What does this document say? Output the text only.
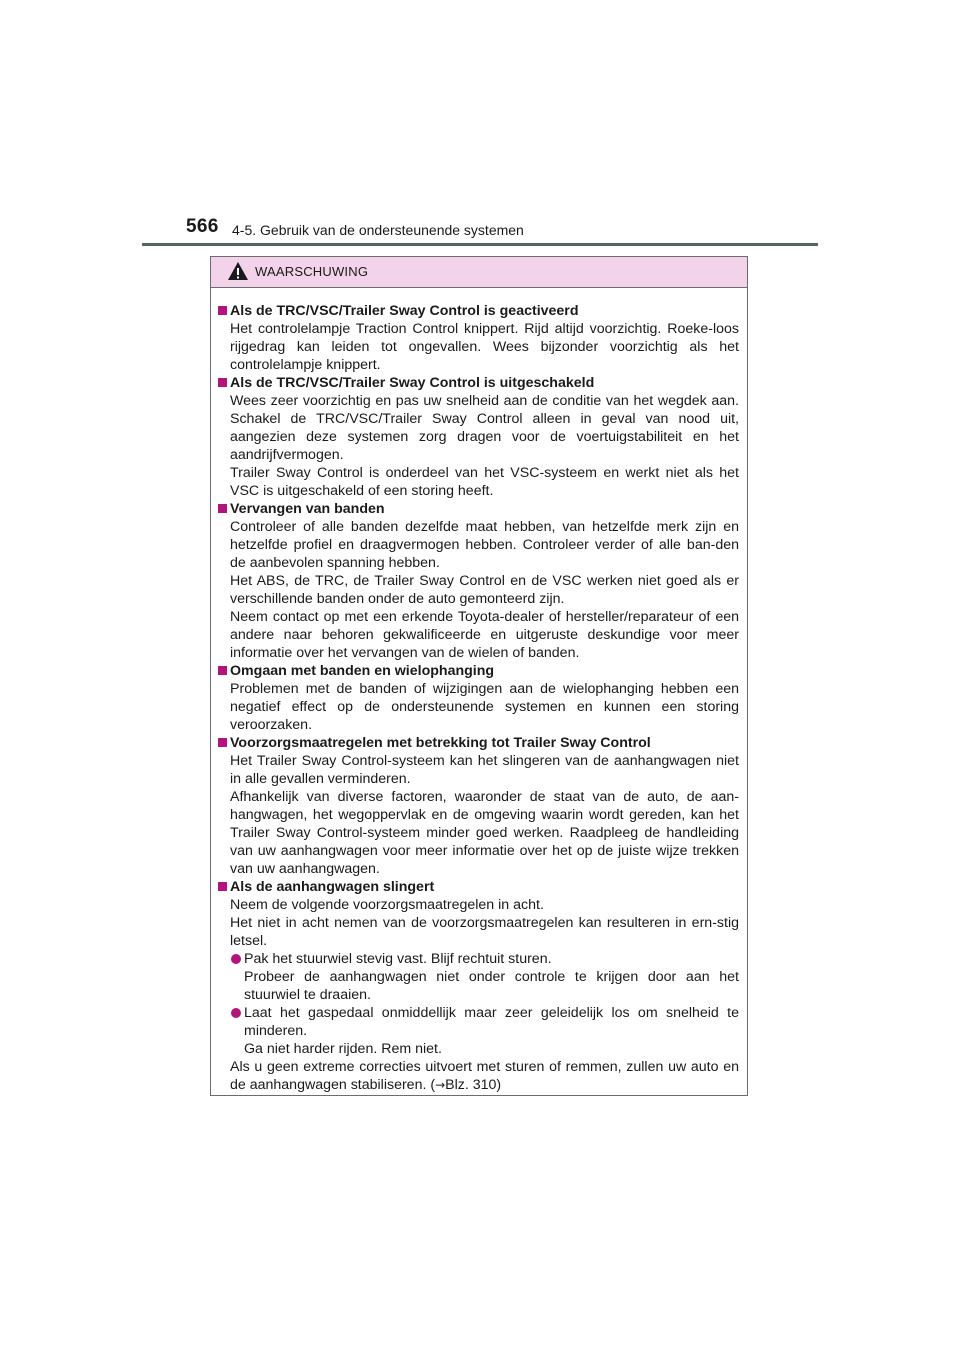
566 4-5. Gebruik van de ondersteunende systemen
WAARSCHUWING
Als de TRC/VSC/Trailer Sway Control is geactiveerd
Het controlelampje Traction Control knippert. Rijd altijd voorzichtig. Roeke-loos rijgedrag kan leiden tot ongevallen. Wees bijzonder voorzichtig als het controlelampje knippert.
Als de TRC/VSC/Trailer Sway Control is uitgeschakeld
Wees zeer voorzichtig en pas uw snelheid aan de conditie van het wegdek aan. Schakel de TRC/VSC/Trailer Sway Control alleen in geval van nood uit, aangezien deze systemen zorg dragen voor de voertuigstabiliteit en het aandrijfvermogen.
Trailer Sway Control is onderdeel van het VSC-systeem en werkt niet als het VSC is uitgeschakeld of een storing heeft.
Vervangen van banden
Controleer of alle banden dezelfde maat hebben, van hetzelfde merk zijn en hetzelfde profiel en draagvermogen hebben. Controleer verder of alle ban-den de aanbevolen spanning hebben.
Het ABS, de TRC, de Trailer Sway Control en de VSC werken niet goed als er verschillende banden onder de auto gemonteerd zijn.
Neem contact op met een erkende Toyota-dealer of hersteller/reparateur of een andere naar behoren gekwalificeerde en uitgeruste deskundige voor meer informatie over het vervangen van de wielen of banden.
Omgaan met banden en wielophanging
Problemen met de banden of wijzigingen aan de wielophanging hebben een negatief effect op de ondersteunende systemen en kunnen een storing veroorzaken.
Voorzorgsmaatregelen met betrekking tot Trailer Sway Control
Het Trailer Sway Control-systeem kan het slingeren van de aanhangwagen niet in alle gevallen verminderen.
Afhankelijk van diverse factoren, waaronder de staat van de auto, de aan-hangwagen, het wegoppervlak en de omgeving waarin wordt gereden, kan het Trailer Sway Control-systeem minder goed werken. Raadpleeg de handleiding van uw aanhangwagen voor meer informatie over het op de juiste wijze trekken van uw aanhangwagen.
Als de aanhangwagen slingert
Neem de volgende voorzorgsmaatregelen in acht.
Het niet in acht nemen van de voorzorgsmaatregelen kan resulteren in ern-stig letsel.
Pak het stuurwiel stevig vast. Blijf rechtuit sturen.
Probeer de aanhangwagen niet onder controle te krijgen door aan het stuurwiel te draaien.
Laat het gaspedaal onmiddellijk maar zeer geleidelijk los om snelheid te minderen.
Ga niet harder rijden. Rem niet.
Als u geen extreme correcties uitvoert met sturen of remmen, zullen uw auto en de aanhangwagen stabiliseren. (→Blz. 310)
